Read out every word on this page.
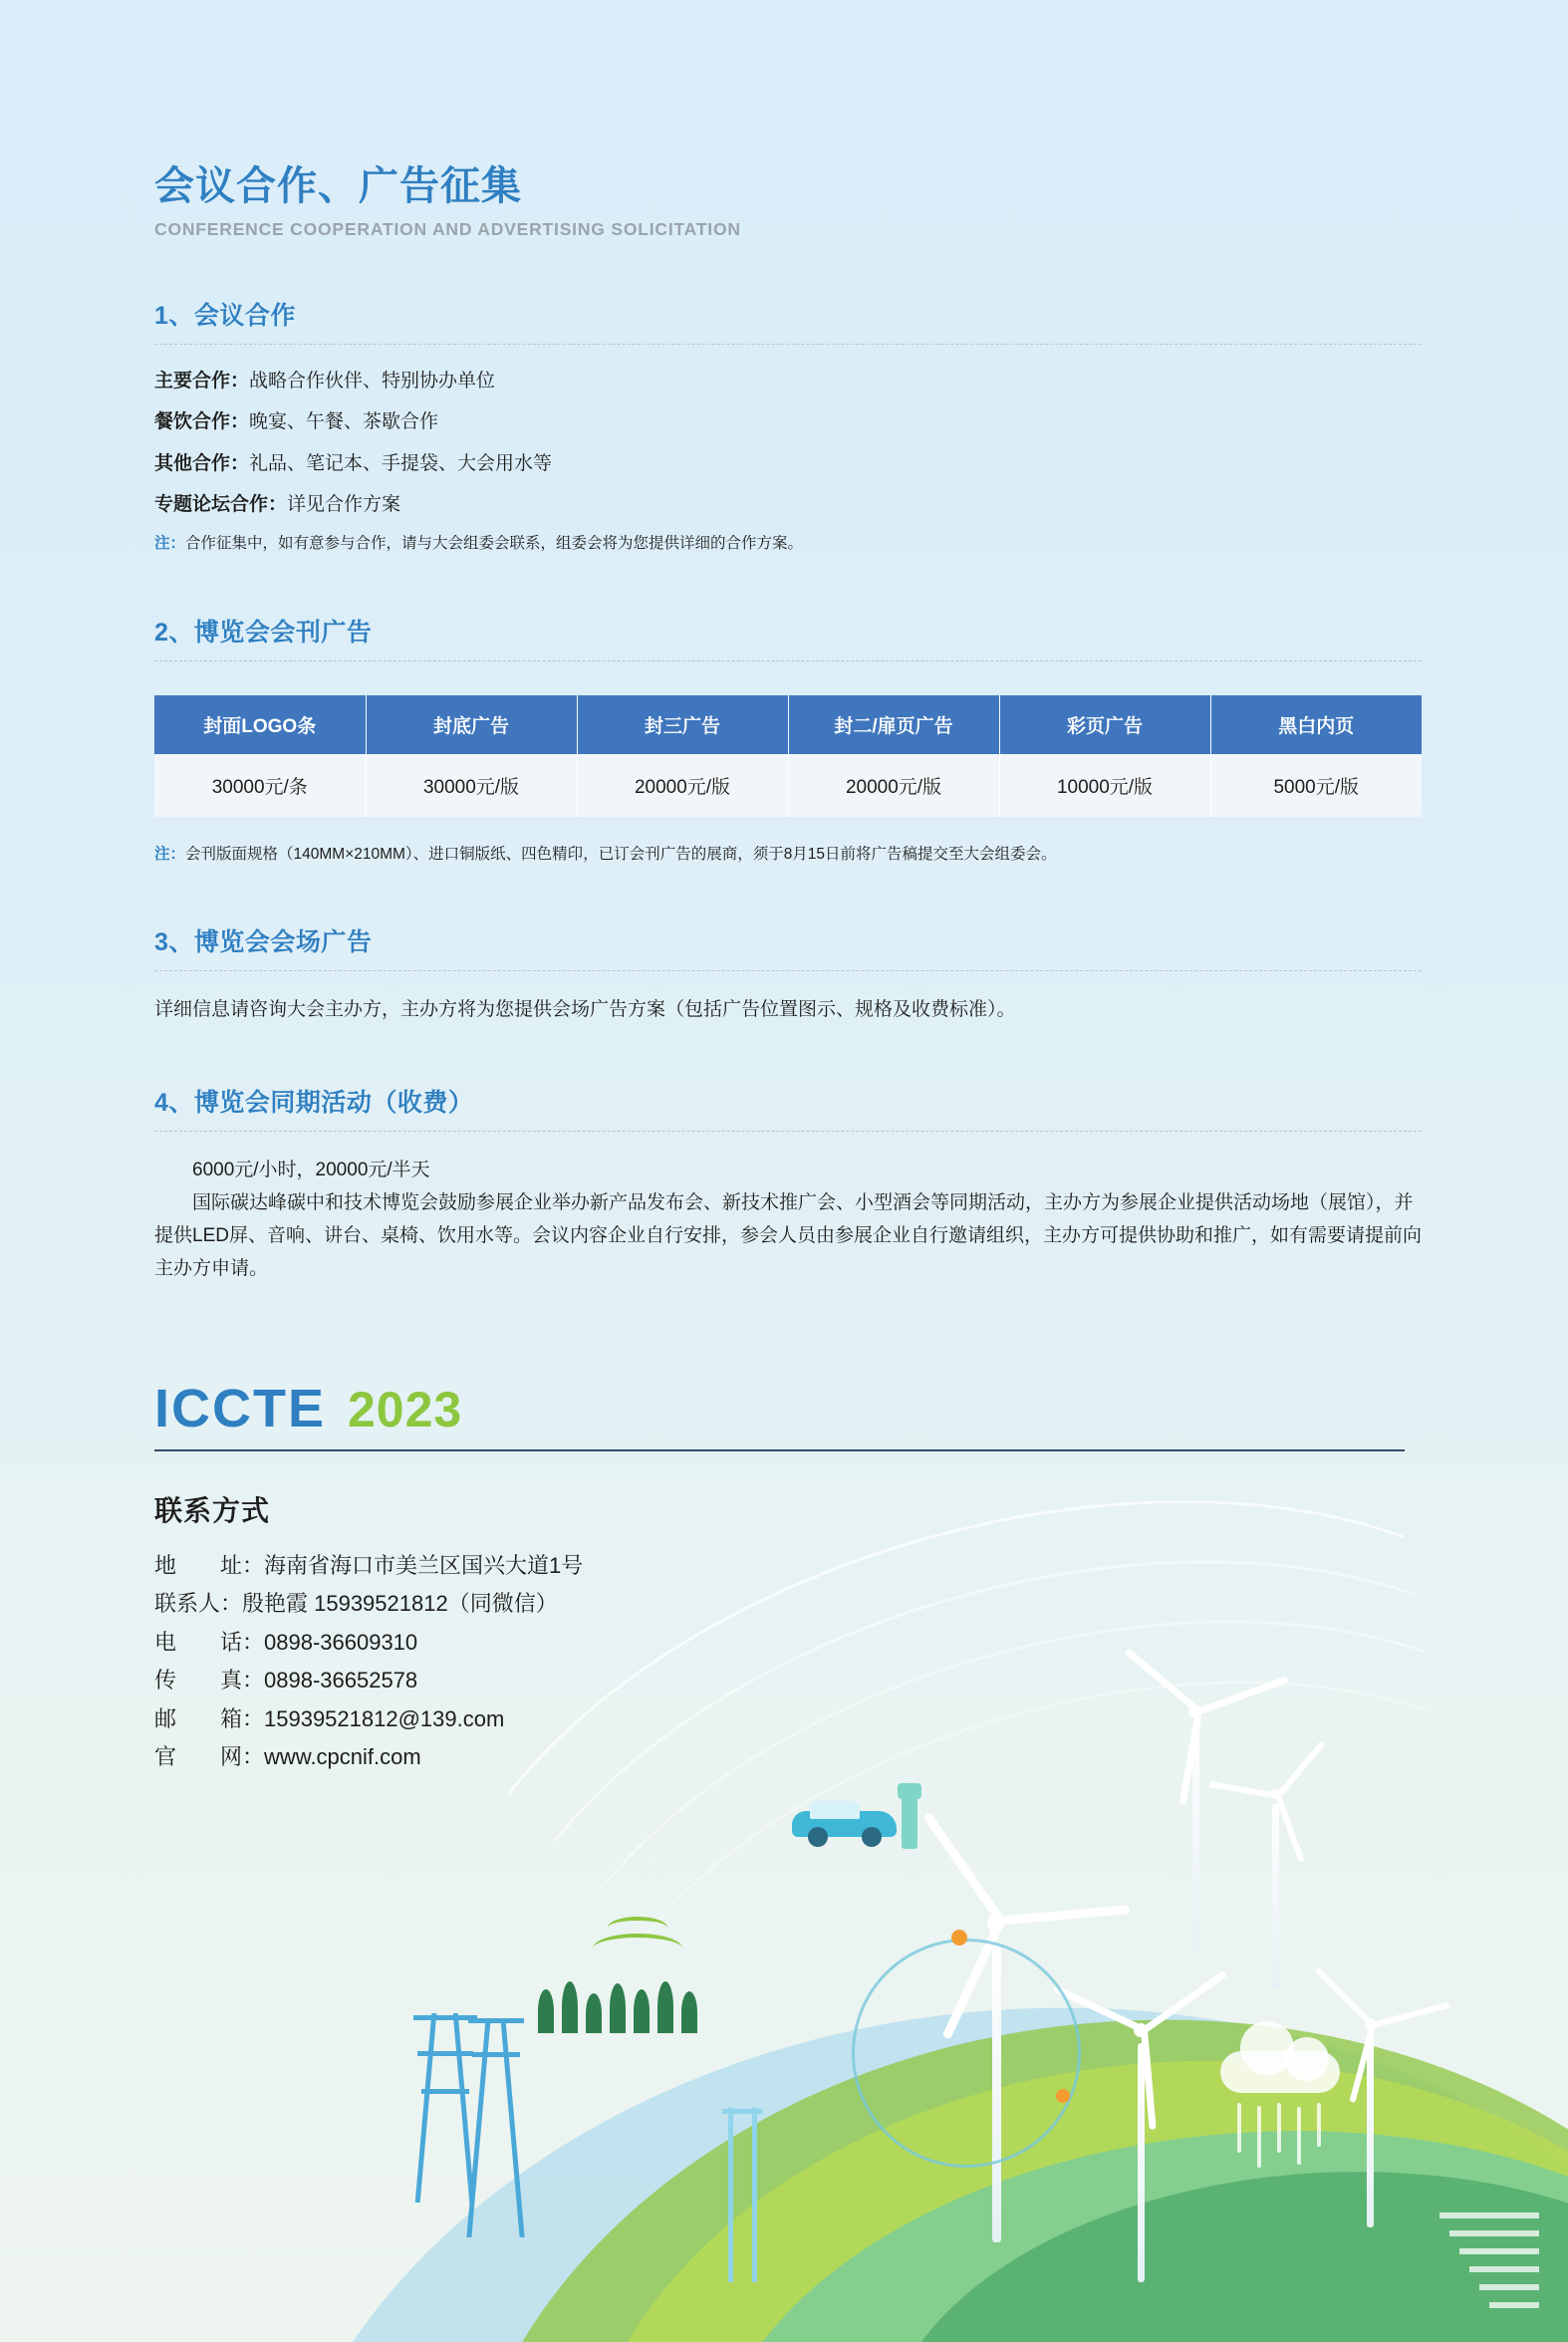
会议合作、广告征集
CONFERENCE COOPERATION AND ADVERTISING SOLICITATION
1、会议合作
主要合作：战略合作伙伴、特别协办单位
餐饮合作：晚宴、午餐、茶歇合作
其他合作：礼品、笔记本、手提袋、大会用水等
专题论坛合作：详见合作方案
注：合作征集中，如有意参与合作，请与大会组委会联系，组委会将为您提供详细的合作方案。
2、博览会会刊广告
封面LOGO条	封底广告	封三广告	封二/扉页广告	彩页广告	黑白内页
30000元/条	30000元/版	20000元/版	20000元/版	10000元/版	5000元/版
注：会刊版面规格（140MM×210MM）、进口铜版纸、四色精印，已订会刊广告的展商，须于8月15日前将广告稿提交至大会组委会。
3、博览会会场广告
详细信息请咨询大会主办方，主办方将为您提供会场广告方案（包括广告位置图示、规格及收费标准）。
4、博览会同期活动（收费）
6000元/小时，20000元/半天
国际碳达峰碳中和技术博览会鼓励参展企业举办新产品发布会、新技术推广会、小型酒会等同期活动，主办方为参展企业提供活动场地（展馆），并提供LED屏、音响、讲台、桌椅、饮用水等。会议内容企业自行安排，参会人员由参展企业自行邀请组织，主办方可提供协助和推广，如有需要请提前向主办方申请。
ICCTE 2023
联系方式
地　　址：海南省海口市美兰区国兴大道1号
联系人：殷艳霞 15939521812（同微信）
电　　话：0898-36609310
传　　真：0898-36652578
邮　　箱：15939521812@139.com
官　　网：www.cpcnif.com
